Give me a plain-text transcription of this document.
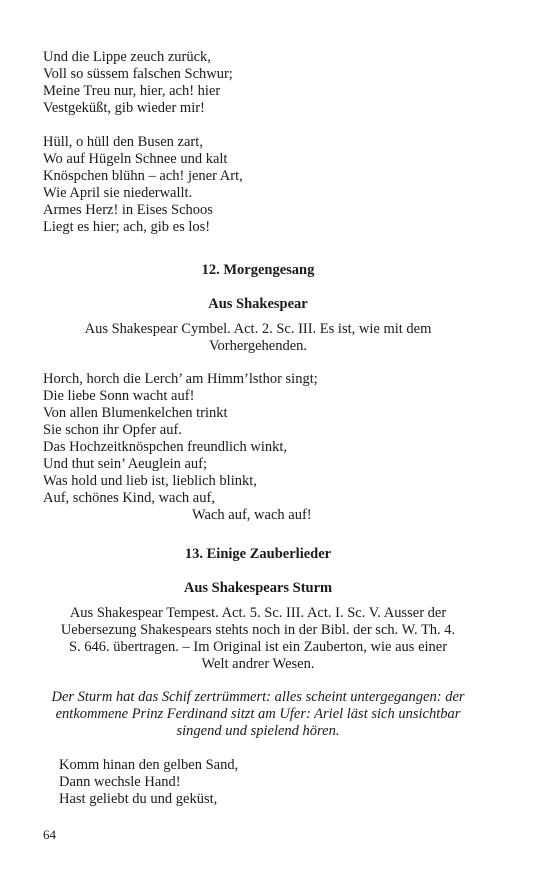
Und die Lippe zeuch zurück,
Voll so süssem falschen Schwur;
Meine Treu nur, hier, ach! hier
Vestgeküßt, gib wieder mir!
Hüll, o hüll den Busen zart,
Wo auf Hügeln Schnee und kalt
Knöspchen blühn – ach! jener Art,
Wie April sie niederwallt.
Armes Herz! in Eises Schoos
Liegt es hier; ach, gib es los!
12. Morgengesang
Aus Shakespear
Aus Shakespear Cymbel. Act. 2. Sc. III. Es ist, wie mit dem
Vorhergehenden.
Horch, horch die Lerch’ am Himm’lsthor singt;
Die liebe Sonn wacht auf!
Von allen Blumenkelchen trinkt
Sie schon ihr Opfer auf.
Das Hochzeitknöspchen freundlich winkt,
Und thut sein’ Aeuglein auf;
Was hold und lieb ist, lieblich blinkt,
Auf, schönes Kind, wach auf,
Wach auf, wach auf!
13. Einige Zauberlieder
Aus Shakespears Sturm
Aus Shakespear Tempest. Act. 5. Sc. III. Act. I. Sc. V. Ausser der
Uebersezung Shakespears stehts noch in der Bibl. der sch. W. Th. 4.
S. 646. übertragen. – Im Original ist ein Zauberton, wie aus einer
Welt andrer Wesen.
Der Sturm hat das Schif zertrümmert: alles scheint untergegangen: der
entkommene Prinz Ferdinand sitzt am Ufer: Ariel läst sich unsichtbar
singend und spielend hören.
Komm hinan den gelben Sand,
Dann wechsle Hand!
Hast geliebt du und geküst,
64
